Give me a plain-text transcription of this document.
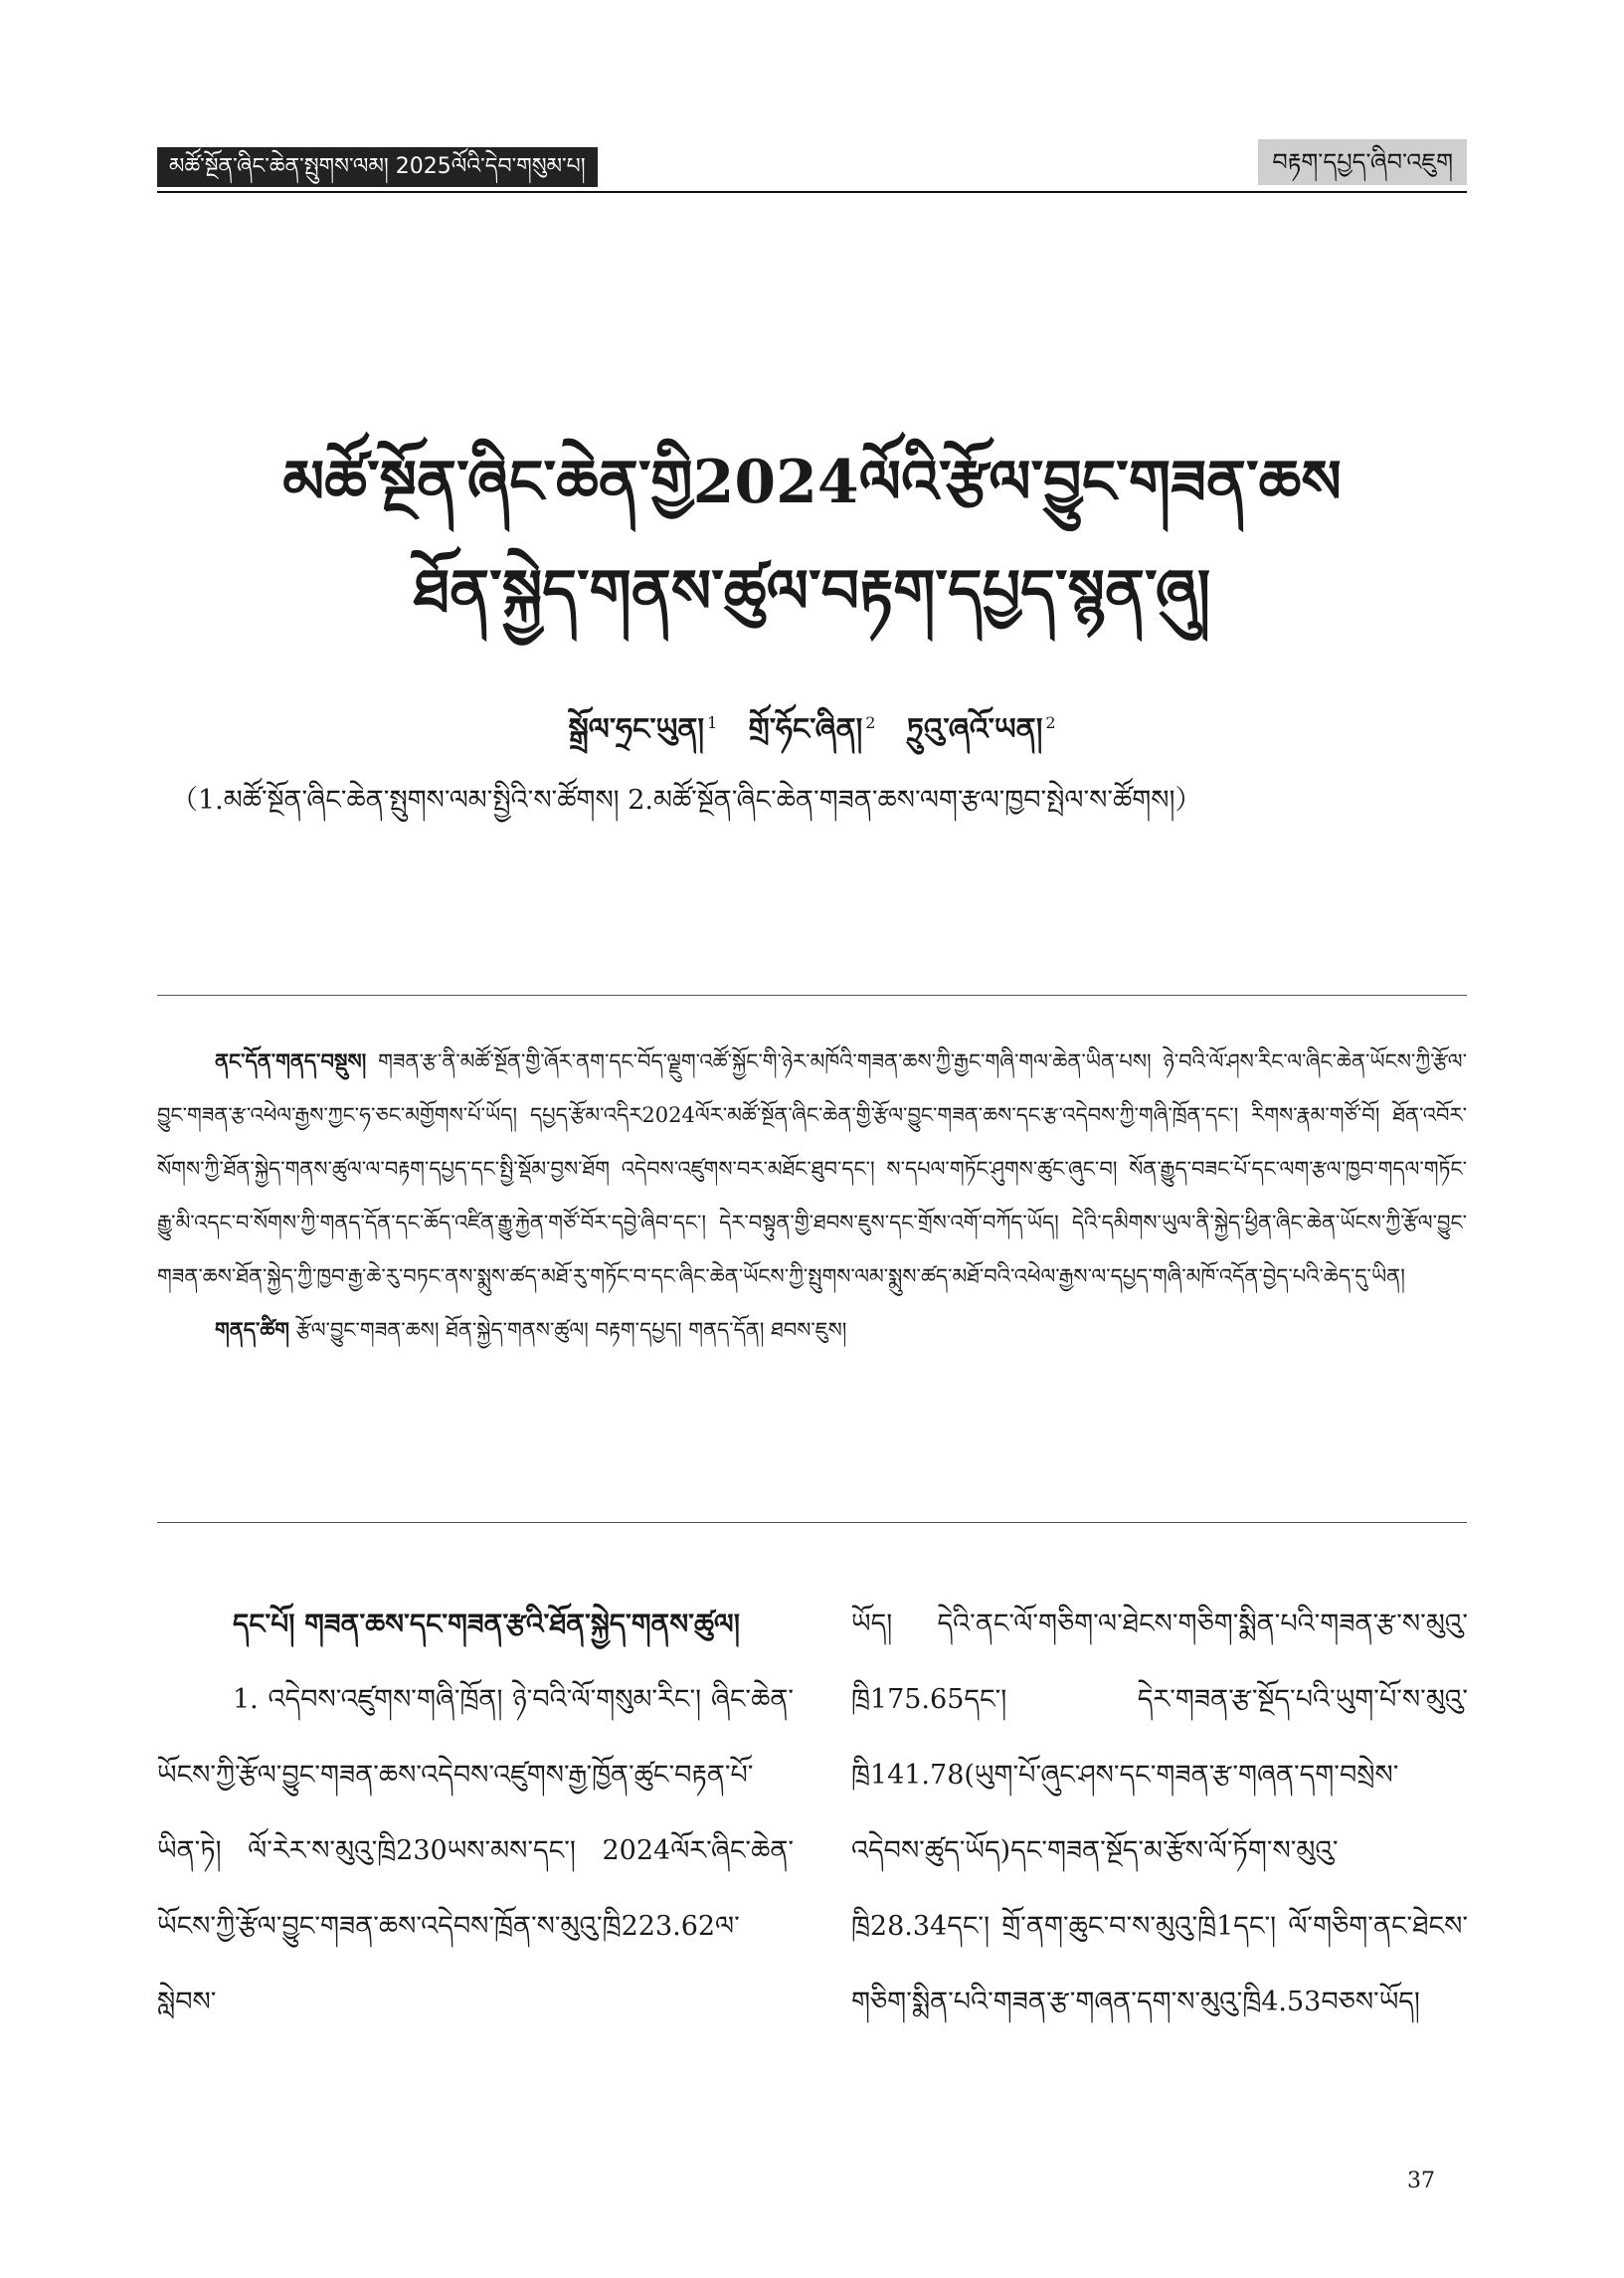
མཚོ་སྔོན་ཞིང་ཆེན་སྤུགས་ལམ། 2025ལོའི་དེབ་གསུམ་པ།	བརྟག་དཔྱད་ཞིབ་འཇུག
མཚོ་སྔོན་ཞིང་ཆེན་གྱི2024ལོའི་རྩོལ་བྱུང་གཟན་ཆས
ཐོན་སྐྱེད་གནས་ཚུལ་བརྟག་དཔྱད་སྙན་ཞུ།
སྒྲོལ་ཧྲང་ཡུན། $^1$ གྲོ་ཧོང་ཞིན། $^2$ ཏྲུའུ་ཞའོ་ཡན། $^2$
（1.མཚོ་སྔོན་ཞིང་ཆེན་སྤུགས་ལམ་སྤྱིའི་ས་ཚོགས། 2.མཚོ་སྔོན་ཞིང་ཆེན་གཟན་ཆས་ལག་རྩལ་ཁྱབ་སྤེལ་ས་ཚོགས།）

ནང་དོན་གནད་བསྡུས། གཟན་རྩ་ནི་མཚོ་སྔོན་གྱི་ཞོར་ནག་དང་བོད་ལྗུག་འཚོ་སྐྱོང་གི་ཉེར་མཁོའི་གཟན་ཆས་ཀྱི་རྒྱང་གཞི་གལ་ཆེན་ཡིན་པས། ཉེ་བའི་ལོ་ཤས་རིང་ལ་ཞིང་ཆེན་ཡོངས་ཀྱི་རྩོལ་བྱུང་གཟན་རྩ་འཕེལ་རྒྱས་ཀྱང་ཧ་ཅང་མགྱོགས་པོ་ཡོད། དཔྱད་རྩོམ་འདིར2024ལོར་མཚོ་སྔོན་ཞིང་ཆེན་གྱི་རྩོལ་བྱུང་གཟན་ཆས་དང་རྩ་འདེབས་ཀྱི་གཞི་ཁྲོན་དང་། རིགས་རྣམ་གཙོ་བོ། ཐོན་འབོར་སོགས་ཀྱི་ཐོན་སྐྱེད་གནས་ཚུལ་ལ་བརྟག་དཔྱད་དང་སྤྱི་སྡོམ་བྱས་ཐོག འདེབས་འཛུགས་བར་མཐོང་ཐུབ་དང་། ས་དཔལ་གཏོང་ཤུགས་ཚུང་ཞུང་བ། སོན་རྒྱུད་བཟང་པོ་དང་ལག་རྩལ་ཁྱབ་གདལ་གཏོང་རྒྱུ་མི་འདང་བ་སོགས་ཀྱི་གནད་དོན་དང་ཆོད་འཛིན་རྒྱུ་རྐྱེན་གཙོ་བོར་དབྱེ་ཞིབ་དང་། དེར་བསྟུན་གྱི་ཐབས་ཇུས་དང་གྲོས་འགོ་བཀོད་ཡོད། དེའི་དམིགས་ཡུལ་ནི་སྐྱེད་ཕྱིན་ཞིང་ཆེན་ཡོངས་ཀྱི་རྩོལ་བྱུང་གཟན་ཆས་ཐོན་སྐྱེད་ཀྱི་ཁྱབ་རྒྱ་ཆེ་རུ་བཏང་ནས་སྨུས་ཚད་མཐོ་རུ་གཏོང་བ་དང་ཞིང་ཆེན་ཡོངས་ཀྱི་སྤུགས་ལམ་སྨུས་ཚད་མཐོ་བའི་འཕེལ་རྒྱས་ལ་དཔྱད་གཞི་མཁོ་འདོན་བྱེད་པའི་ཆེད་དུ་ཡིན།

གནད་ཚིག རྩོལ་བྱུང་གཟན་ཆས། ཐོན་སྐྱེད་གནས་ཚུལ། བརྟག་དཔྱད། གནད་དོན། ཐབས་ཇུས།

དང་པོ། གཟན་ཆས་དང་གཟན་རྩའི་ཐོན་སྐྱེད་གནས་ཚུལ།

1. འདེབས་འཛུགས་གཞི་ཁྲོན། ཉེ་བའི་ལོ་གསུམ་རིང་། ཞིང་ཆེན་ཡོངས་ཀྱི་རྩོལ་བྱུང་གཟན་ཆས་འདེབས་འཛུགས་རྒྱ་ཁྱོན་ཚུང་བརྟན་པོ་ཡིན་ཏེ། ལོ་རེར་ས་མུའུ་ཁྲི230ཡས་མས་དང་། 2024ལོར་ཞིང་ཆེན་ཡོངས་ཀྱི་རྩོལ་བྱུང་གཟན་ཆས་འདེབས་ཁྲོན་ས་མུའུ་ཁྲི223.62ལ་སླེབས་

ཡོད། དེའི་ནང་ལོ་གཅིག་ལ་ཐེངས་གཅིག་སྨིན་པའི་གཟན་རྩ་ས་མུའུ་ཁྲི175.65དང་། དེར་གཟན་རྩ་སྔོད་པའི་ཡུག་པོ་ས་མུའུ་ཁྲི141.78(ཡུག་པོ་ཞུང་ཤས་དང་གཟན་རྩ་གཞན་དག་བསྲེས་འདེབས་ཚུད་ཡོད)དང་གཟན་སྔོད་མ་རྩོས་ལོ་ཏོག་ས་མུའུ་ཁྲི28.34དང་། གྲོ་ནག་ཆུང་བ་ས་མུའུ་ཁྲི1དང་། ལོ་གཅིག་ནང་ཐེངས་གཅིག་སྨིན་པའི་གཟན་རྩ་གཞན་དག་ས་མུའུ་ཁྲི4.53བཅས་ཡོད།

37
